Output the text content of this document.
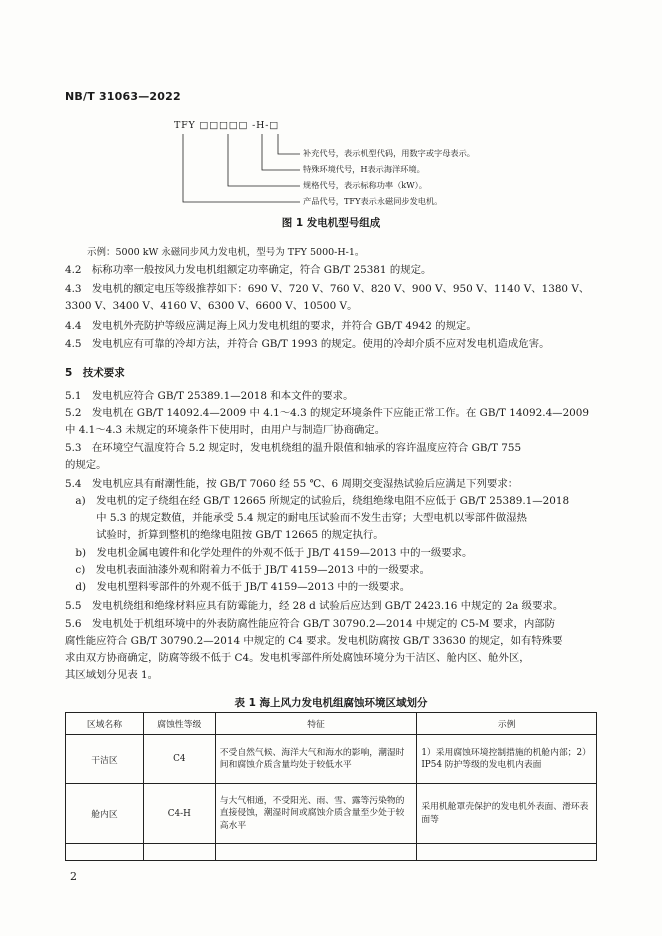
NB/T 31063—2022
TFY □□□□□ -H-□
补充代号，表示机型代码，用数字或字母表示。
特殊环境代号，H表示海洋环境。
规格代号，表示标称功率（kW）。
产品代号，TFY表示永磁同步发电机。
图 1 发电机型号组成
示例：5000 kW 永磁同步风力发电机，型号为 TFY 5000-H-1。
4.2　标称功率一般按风力发电机组额定功率确定，符合 GB/T 25381 的规定。
4.3　发电机的额定电压等级推荐如下：690 V、720 V、760 V、820 V、900 V、950 V、1140 V、1380 V、
3300 V、3400 V、4160 V、6300 V、6600 V、10500 V。
4.4　发电机外壳防护等级应满足海上风力发电机组的要求，并符合 GB/T 4942 的规定。
4.5　发电机应有可靠的冷却方法，并符合 GB/T 1993 的规定。使用的冷却介质不应对发电机造成危害。
5　技术要求
5.1　发电机应符合 GB/T 25389.1—2018 和本文件的要求。
5.2　发电机在 GB/T 14092.4—2009 中 4.1～4.3 的规定环境条件下应能正常工作。在 GB/T 14092.4—2009
中 4.1～4.3 未规定的环境条件下使用时，由用户与制造厂协商确定。
5.3　在环境空气温度符合 5.2 规定时，发电机绕组的温升限值和轴承的容许温度应符合 GB/T 755
的规定。
5.4　发电机应具有耐潮性能，按 GB/T 7060 经 55 ℃、6 周期交变湿热试验后应满足下列要求：
　a)　发电机的定子绕组在经 GB/T 12665 所规定的试验后，绕组绝缘电阻不应低于 GB/T 25389.1—2018
　　　中 5.3 的规定数值，并能承受 5.4 规定的耐电压试验而不发生击穿；大型电机以零部件做湿热
　　　试验时，折算到整机的绝缘电阻按 GB/T 12665 的规定执行。
　b)　发电机金属电镀件和化学处理件的外观不低于 JB/T 4159—2013 中的一级要求。
　c)　发电机表面油漆外观和附着力不低于 JB/T 4159—2013 中的一级要求。
　d)　发电机塑料零部件的外观不低于 JB/T 4159—2013 中的一级要求。
5.5　发电机绕组和绝缘材料应具有防霉能力，经 28 d 试验后应达到 GB/T 2423.16 中规定的 2a 级要求。
5.6　发电机处于机组环境中的外表防腐性能应符合 GB/T 30790.2—2014 中规定的 C5-M 要求，内部防
腐性能应符合 GB/T 30790.2—2014 中规定的 C4 要求。发电机防腐按 GB/T 33630 的规定，如有特殊要
求由双方协商确定，防腐等级不低于 C4。发电机零部件所处腐蚀环境分为干洁区、舱内区、舱外区，
其区域划分见表 1。
表 1 海上风力发电机组腐蚀环境区域划分
区域名称	腐蚀性等级	特征	示例
干洁区	C4	不受自然气候、海洋大气和海水的影响，潮湿时间和腐蚀介质含量均处于较低水平	1）采用腐蚀环境控制措施的机舱内部；2）IP54 防护等级的发电机内表面
舱内区	C4-H	与大气相通，不受阳光、雨、雪、露等污染物的直接侵蚀，潮湿时间或腐蚀介质含量至少处于较高水平	采用机舱罩壳保护的发电机外表面、滑环表面等

2
